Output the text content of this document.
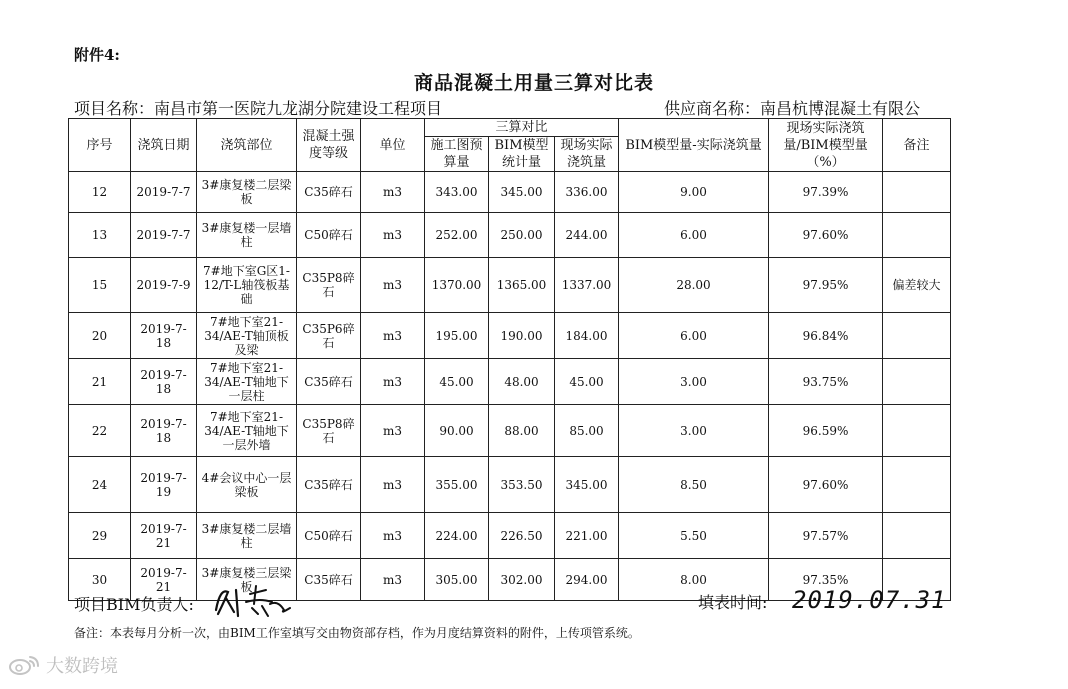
附件4:
商品混凝土用量三算对比表
项目名称：南昌市第一医院九龙湖分院建设工程项目	供应商名称：南昌杭博混凝土有限公
序号	浇筑日期	浇筑部位	混凝土强度等级	单位	三算对比			BIM模型量-实际浇筑量	现场实际浇筑量/BIM模型量（%）	备注
					施工图预算量	BIM模型统计量	现场实际浇筑量			
12	2019-7-7	3#康复楼二层梁板	C35碎石	m3	343.00	345.00	336.00	9.00	97.39%	
13	2019-7-7	3#康复楼一层墙柱	C50碎石	m3	252.00	250.00	244.00	6.00	97.60%	
15	2019-7-9	7#地下室G区1-12/T-L轴筏板基础	C35P8碎石	m3	1370.00	1365.00	1337.00	28.00	97.95%	偏差较大
20	2019-7-18	7#地下室21-34/AE-T轴顶板及梁	C35P6碎石	m3	195.00	190.00	184.00	6.00	96.84%	
21	2019-7-18	7#地下室21-34/AE-T轴地下一层柱	C35碎石	m3	45.00	48.00	45.00	3.00	93.75%	
22	2019-7-18	7#地下室21-34/AE-T轴地下一层外墙	C35P8碎石	m3	90.00	88.00	85.00	3.00	96.59%	
24	2019-7-19	4#会议中心一层梁板	C35碎石	m3	355.00	353.50	345.00	8.50	97.60%	
29	2019-7-21	3#康复楼二层墙柱	C50碎石	m3	224.00	226.50	221.00	5.50	97.57%	
30	2019-7-21	3#康复楼三层梁板	C35碎石	m3	305.00	302.00	294.00	8.00	97.35%	
项目BIM负责人:	填表时间: 2019.07.31
备注：本表每月分析一次，由BIM工作室填写交由物资部存档，作为月度结算资料的附件，上传项管系统。
大数跨境
